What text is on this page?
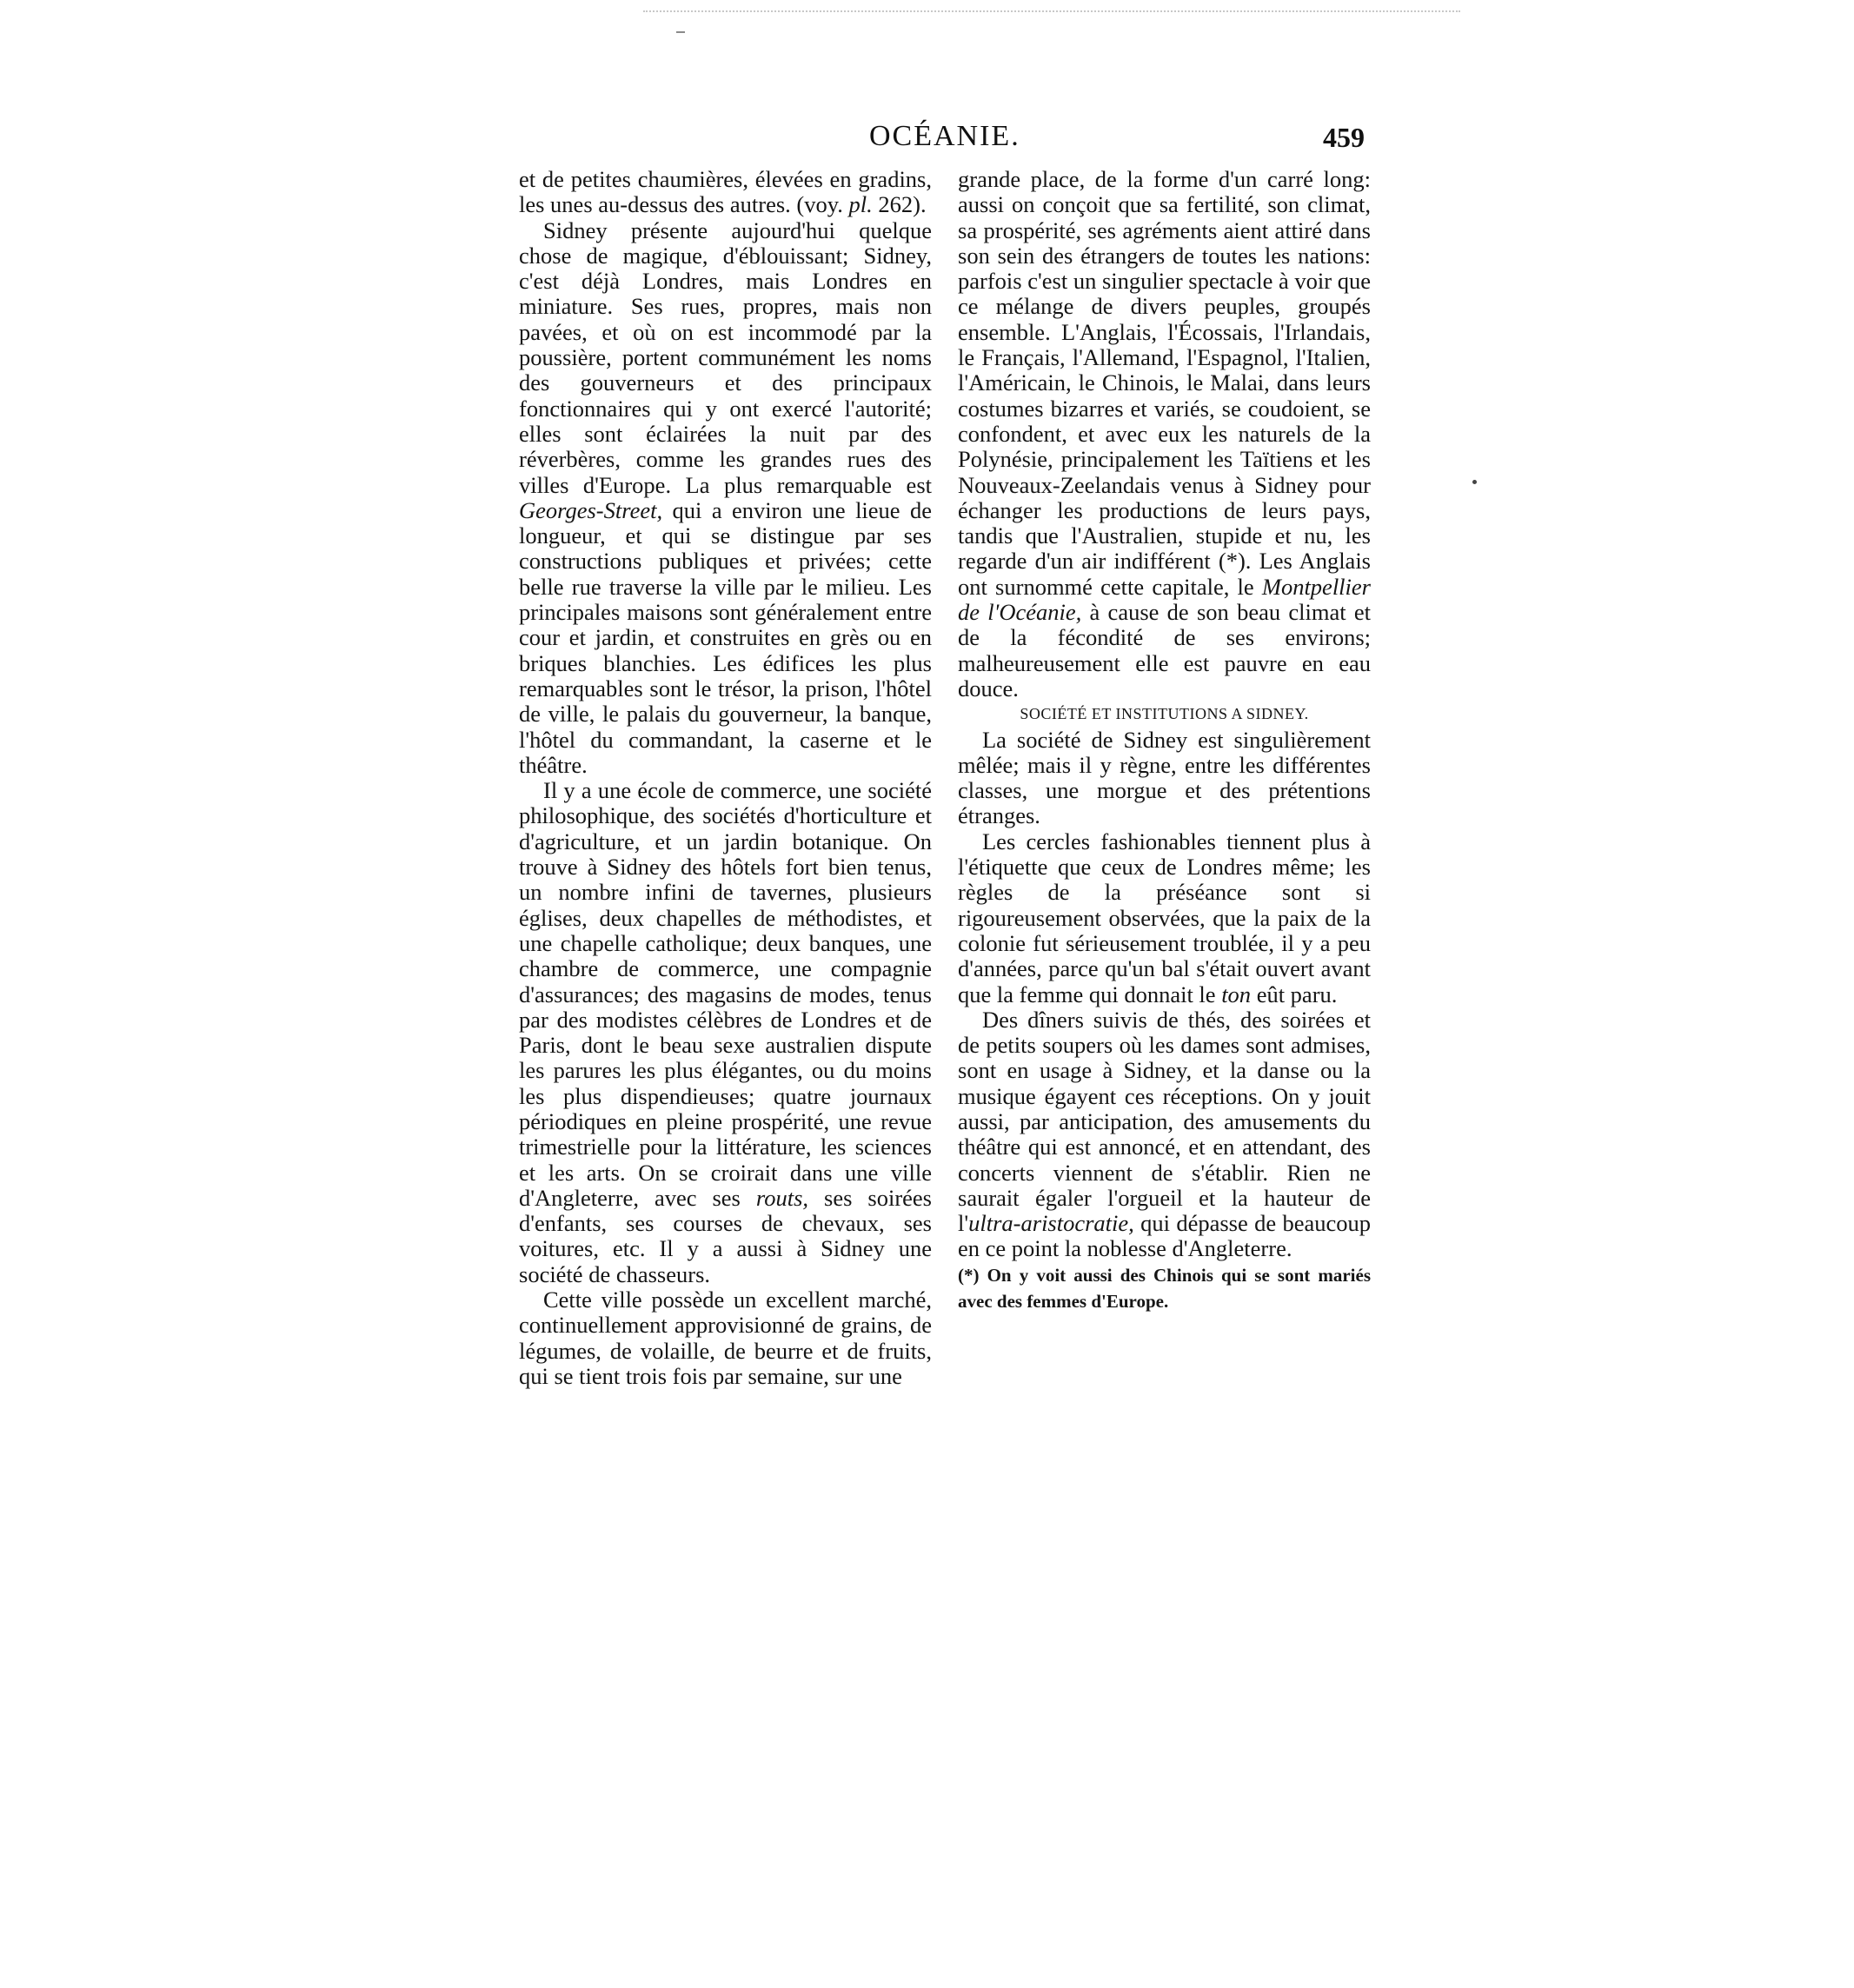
OCÉANIE.	459

et de petites chaumières, élevées en gradins, les unes au-dessus des autres. (voy. pl. 262).

Sidney présente aujourd'hui quelque chose de magique, d'éblouissant; Sidney, c'est déjà Londres, mais Londres en miniature. Ses rues, propres, mais non pavées, et où on est incommodé par la poussière, portent communément les noms des gouverneurs et des principaux fonctionnaires qui y ont exercé l'autorité; elles sont éclairées la nuit par des réverbères, comme les grandes rues des villes d'Europe. La plus remarquable est Georges-Street, qui a environ une lieue de longueur, et qui se distingue par ses constructions publiques et privées; cette belle rue traverse la ville par le milieu. Les principales maisons sont généralement entre cour et jardin, et construites en grès ou en briques blanchies. Les édifices les plus remarquables sont le trésor, la prison, l'hôtel de ville, le palais du gouverneur, la banque, l'hôtel du commandant, la caserne et le théâtre.

Il y a une école de commerce, une société philosophique, des sociétés d'horticulture et d'agriculture, et un jardin botanique. On trouve à Sidney des hôtels fort bien tenus, un nombre infini de tavernes, plusieurs églises, deux chapelles de méthodistes, et une chapelle catholique; deux banques, une chambre de commerce, une compagnie d'assurances; des magasins de modes, tenus par des modistes célèbres de Londres et de Paris, dont le beau sexe australien dispute les parures les plus élégantes, ou du moins les plus dispendieuses; quatre journaux périodiques en pleine prospérité, une revue trimestrielle pour la littérature, les sciences et les arts. On se croirait dans une ville d'Angleterre, avec ses routs, ses soirées d'enfants, ses courses de chevaux, ses voitures, etc. Il y a aussi à Sidney une société de chasseurs.

Cette ville possède un excellent marché, continuellement approvisionné de grains, de légumes, de volaille, de beurre et de fruits, qui se tient trois fois par semaine, sur une

grande place, de la forme d'un carré long: aussi on conçoit que sa fertilité, son climat, sa prospérité, ses agréments aient attiré dans son sein des étrangers de toutes les nations: parfois c'est un singulier spectacle à voir que ce mélange de divers peuples, groupés ensemble. L'Anglais, l'Écossais, l'Irlandais, le Français, l'Allemand, l'Espagnol, l'Italien, l'Américain, le Chinois, le Malai, dans leurs costumes bizarres et variés, se coudoient, se confondent, et avec eux les naturels de la Polynésie, principalement les Taïtiens et les Nouveaux-Zeelandais venus à Sidney pour échanger les productions de leurs pays, tandis que l'Australien, stupide et nu, les regarde d'un air indifférent (*). Les Anglais ont surnommé cette capitale, le Montpellier de l'Océanie, à cause de son beau climat et de la fécondité de ses environs; malheureusement elle est pauvre en eau douce.

SOCIÉTÉ ET INSTITUTIONS A SIDNEY.

La société de Sidney est singulièrement mêlée; mais il y règne, entre les différentes classes, une morgue et des prétentions étranges.

Les cercles fashionables tiennent plus à l'étiquette que ceux de Londres même; les règles de la préséance sont si rigoureusement observées, que la paix de la colonie fut sérieusement troublée, il y a peu d'années, parce qu'un bal s'était ouvert avant que la femme qui donnait le ton eût paru.

Des dîners suivis de thés, des soirées et de petits soupers où les dames sont admises, sont en usage à Sidney, et la danse ou la musique égayent ces réceptions. On y jouit aussi, par anticipation, des amusements du théâtre qui est annoncé, et en attendant, des concerts viennent de s'établir. Rien ne saurait égaler l'orgueil et la hauteur de l'ultra-aristocratie, qui dépasse de beaucoup en ce point la noblesse d'Angleterre.

(*) On y voit aussi des Chinois qui se sont mariés avec des femmes d'Europe.
